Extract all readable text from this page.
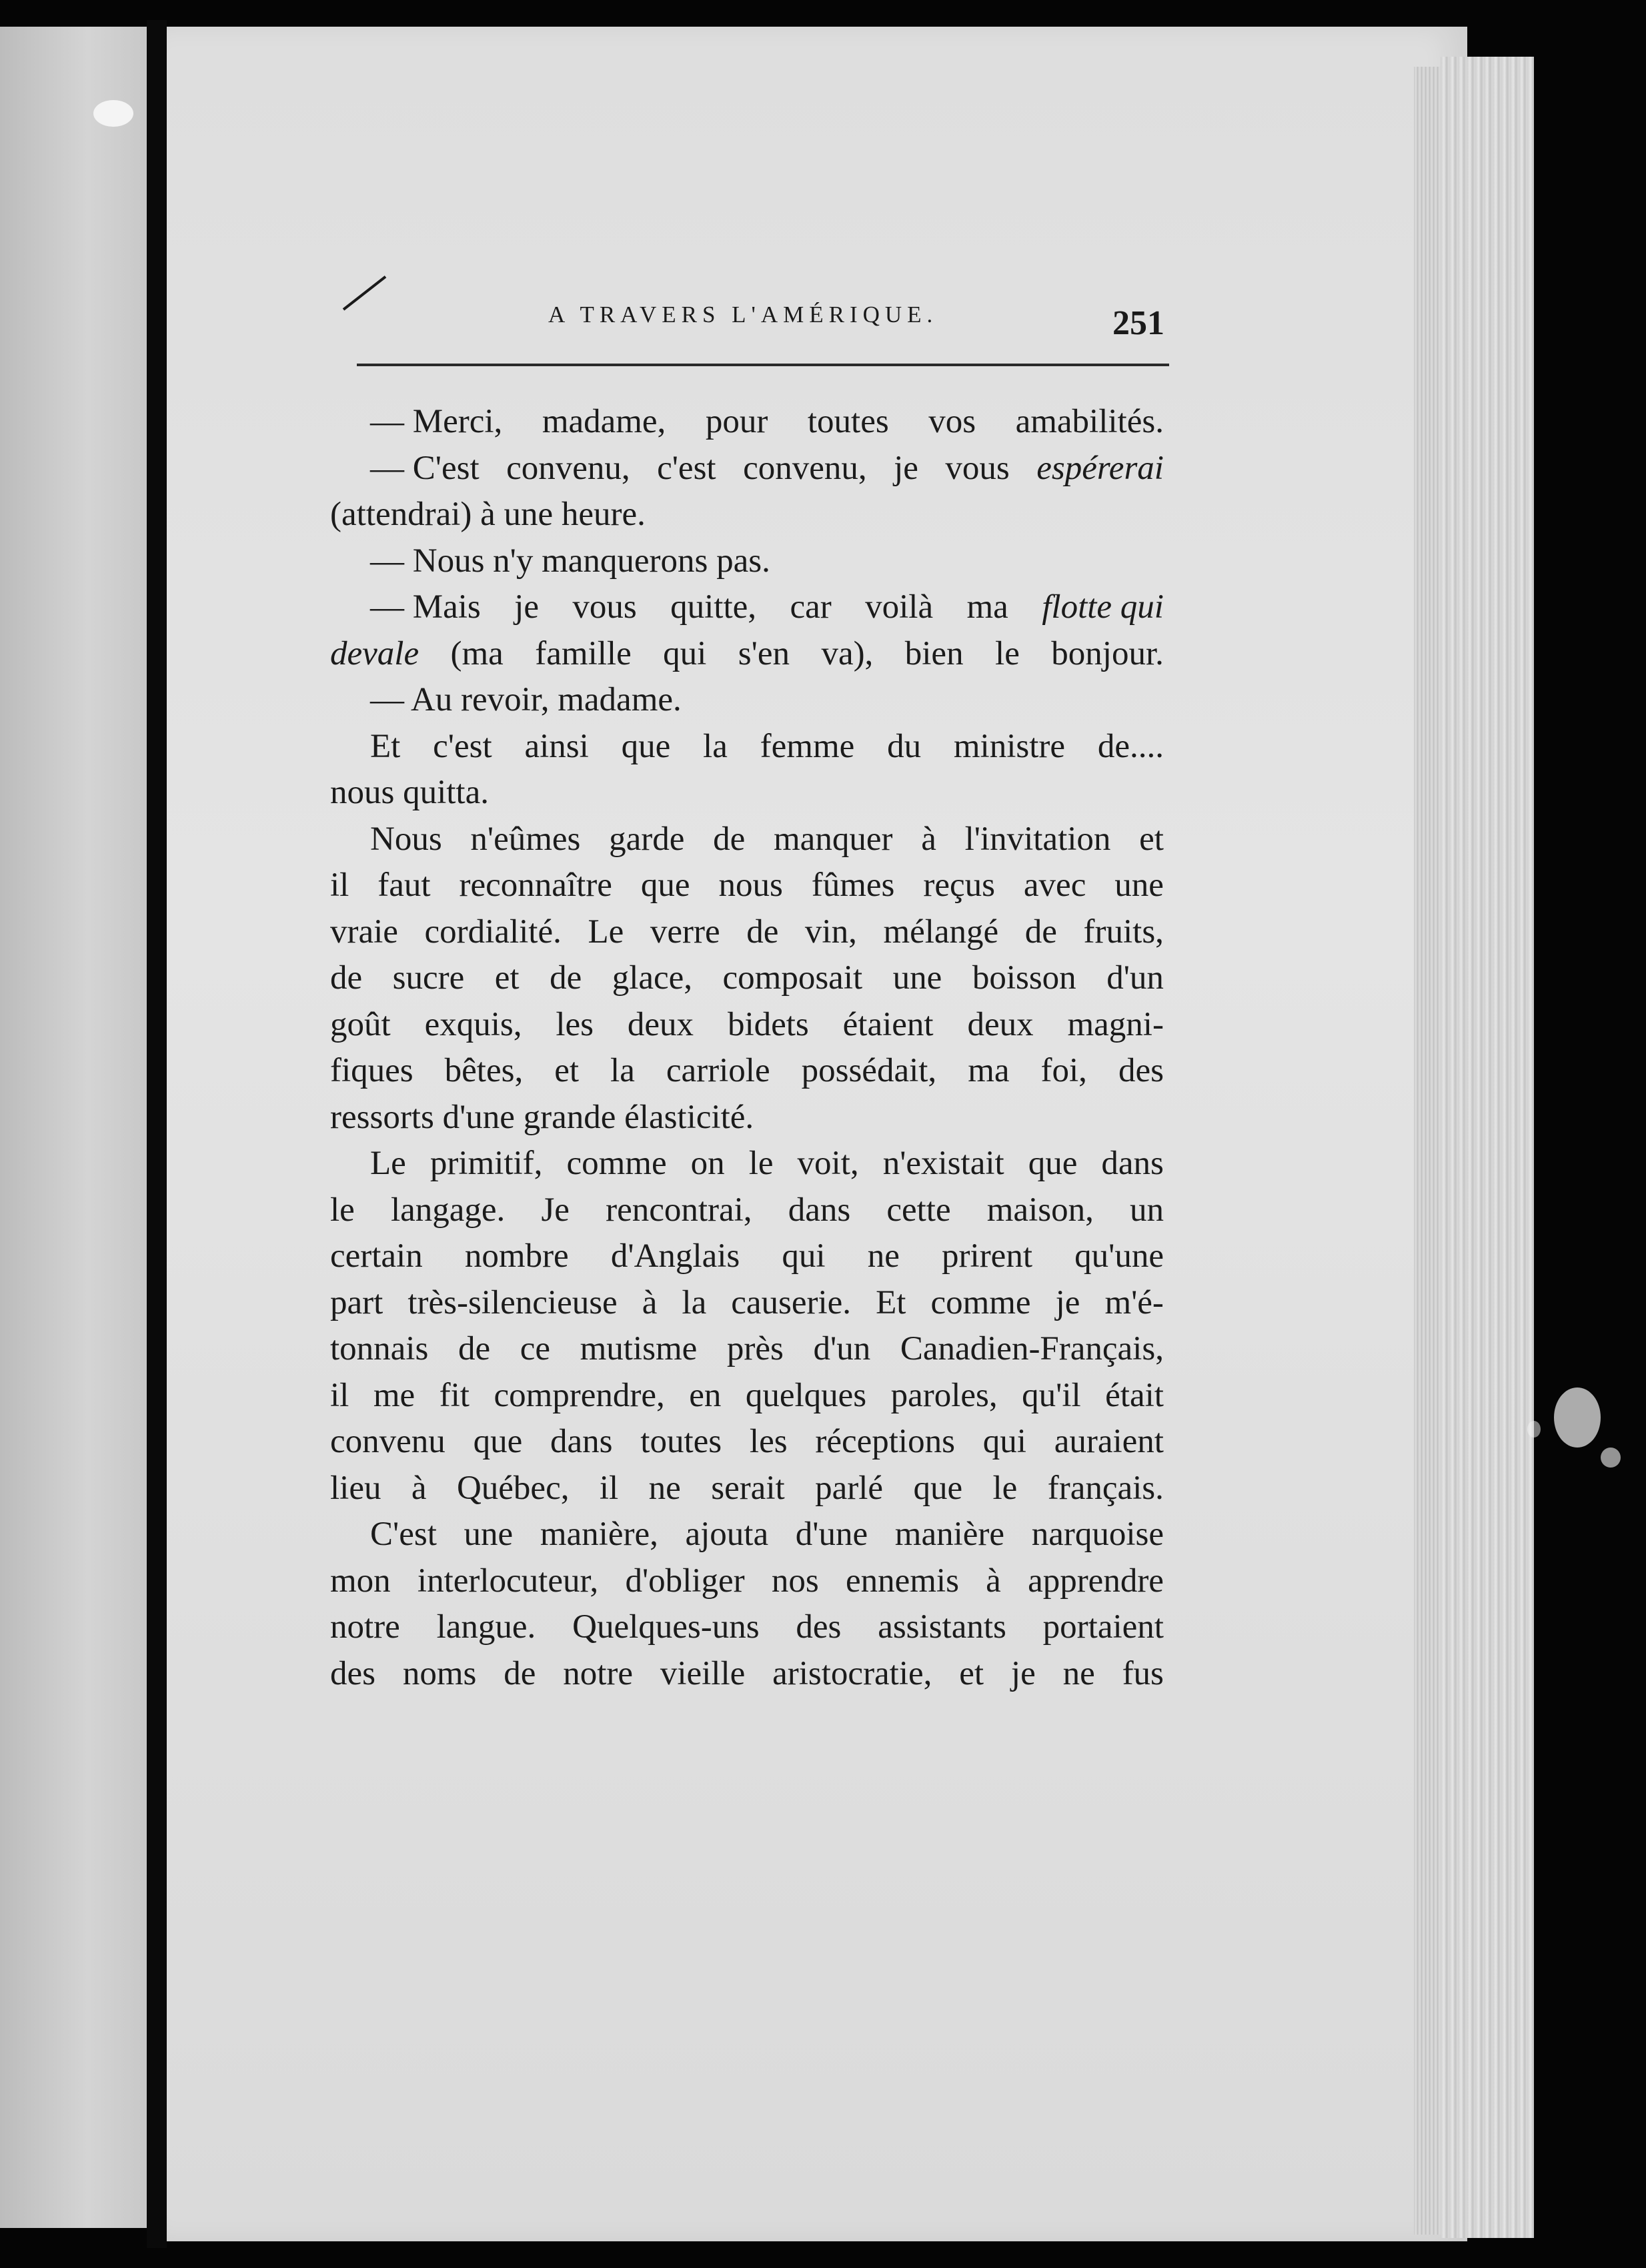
A TRAVERS L'AMÉRIQUE.	251
— Merci, madame, pour toutes vos amabilités.
— C'est convenu, c'est convenu, je vous espérerai
(attendrai) à une heure.
— Nous n'y manquerons pas.
— Mais je vous quitte, car voilà ma flotte qui
devale (ma famille qui s'en va), bien le bonjour.
— Au revoir, madame.
Et c'est ainsi que la femme du ministre de....
nous quitta.
Nous n'eûmes garde de manquer à l'invitation et
il faut reconnaître que nous fûmes reçus avec une
vraie cordialité. Le verre de vin, mélangé de fruits,
de sucre et de glace, composait une boisson d'un
goût exquis, les deux bidets étaient deux magni-
fiques bêtes, et la carriole possédait, ma foi, des
ressorts d'une grande élasticité.
Le primitif, comme on le voit, n'existait que dans
le langage. Je rencontrai, dans cette maison, un
certain nombre d'Anglais qui ne prirent qu'une
part très-silencieuse à la causerie. Et comme je m'é-
tonnais de ce mutisme près d'un Canadien-Français,
il me fit comprendre, en quelques paroles, qu'il était
convenu que dans toutes les réceptions qui auraient
lieu à Québec, il ne serait parlé que le français.
C'est une manière, ajouta d'une manière narquoise
mon interlocuteur, d'obliger nos ennemis à apprendre
notre langue. Quelques-uns des assistants portaient
des noms de notre vieille aristocratie, et je ne fus
